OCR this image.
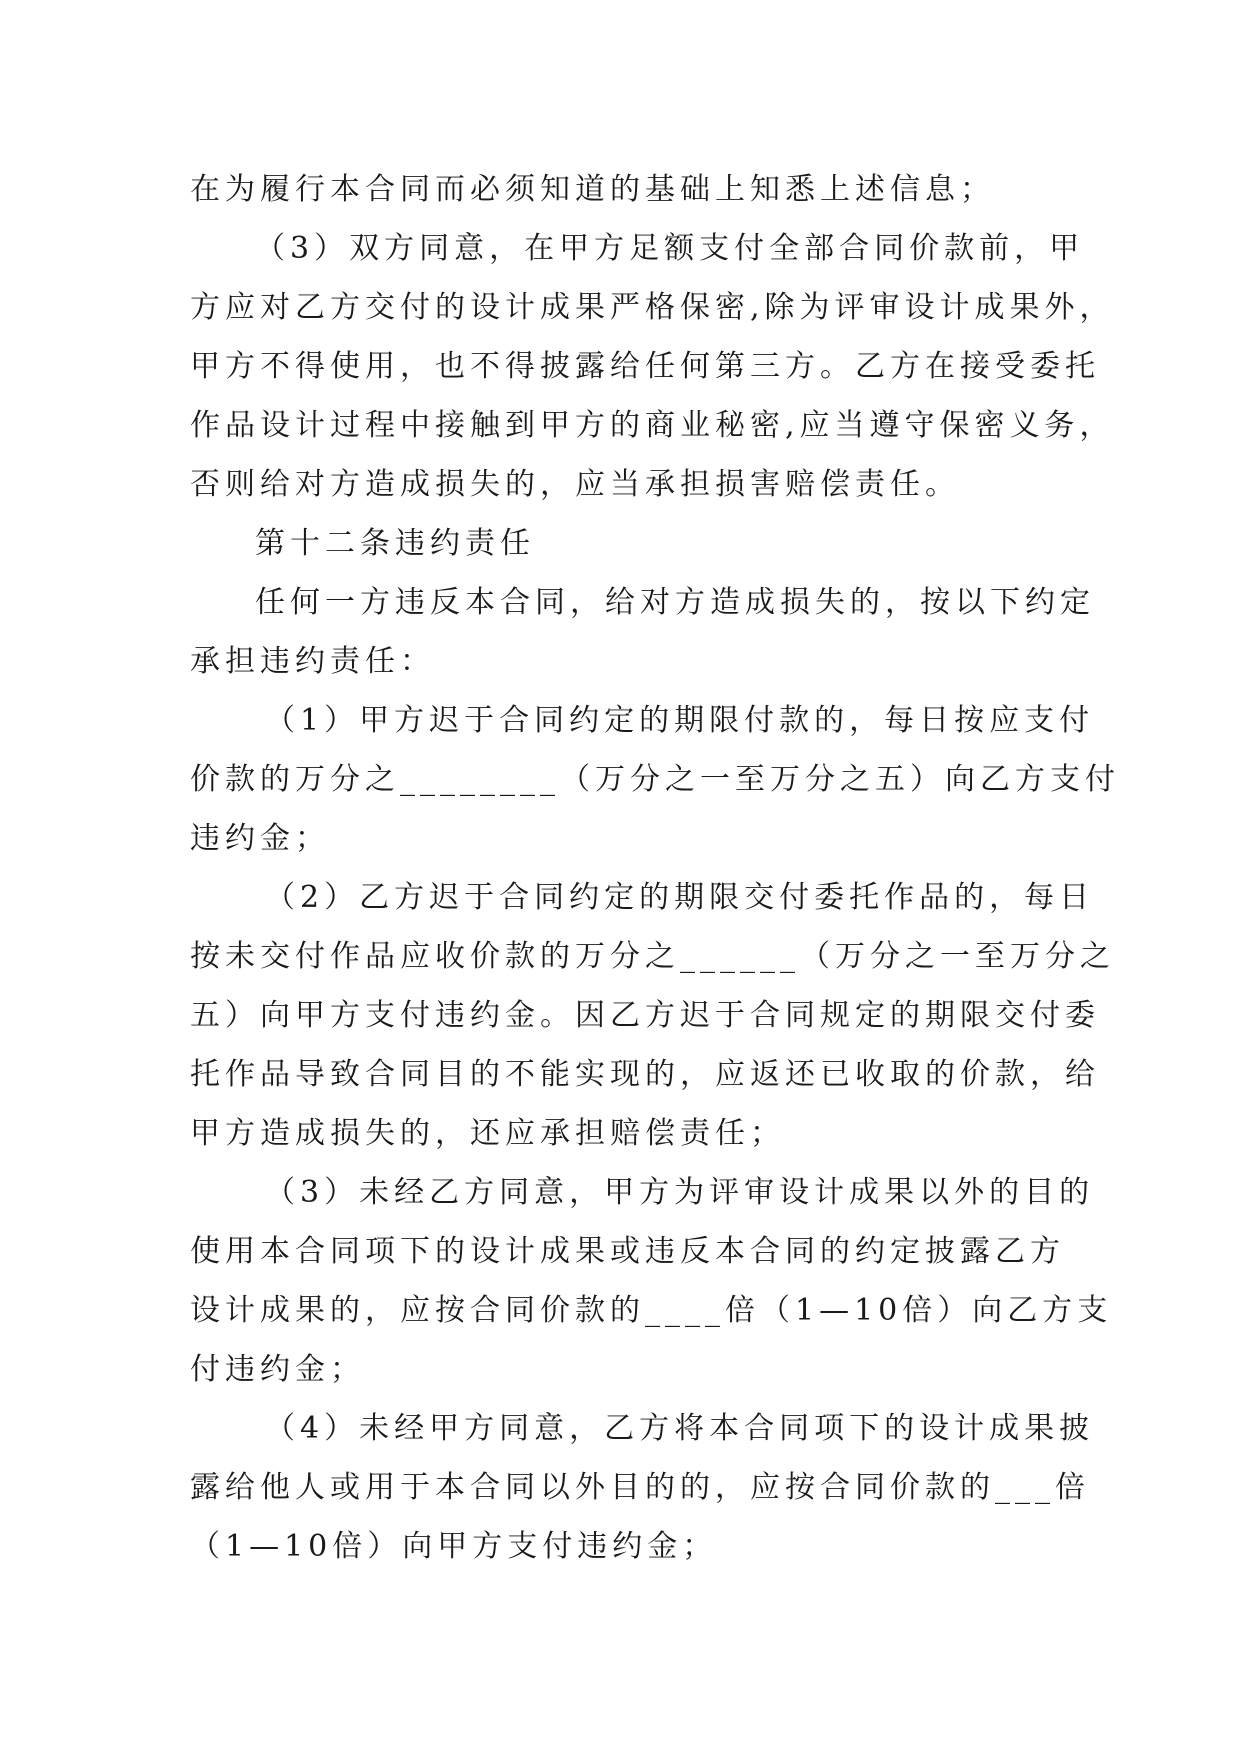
在为履行本合同而必须知道的基础上知悉上述信息；
（3）双方同意，在甲方足额支付全部合同价款前，甲
方应对乙方交付的设计成果严格保密,除为评审设计成果外，
甲方不得使用，也不得披露给任何第三方。乙方在接受委托
作品设计过程中接触到甲方的商业秘密,应当遵守保密义务，
否则给对方造成损失的，应当承担损害赔偿责任。
第十二条违约责任
任何一方违反本合同，给对方造成损失的，按以下约定
承担违约责任：
（1）甲方迟于合同约定的期限付款的，每日按应支付
价款的万分之________（万分之一至万分之五）向乙方支付
违约金；
（2）乙方迟于合同约定的期限交付委托作品的，每日
按未交付作品应收价款的万分之______（万分之一至万分之
五）向甲方支付违约金。因乙方迟于合同规定的期限交付委
托作品导致合同目的不能实现的，应返还已收取的价款，给
甲方造成损失的，还应承担赔偿责任；
（3）未经乙方同意，甲方为评审设计成果以外的目的
使用本合同项下的设计成果或违反本合同的约定披露乙方
设计成果的，应按合同价款的____倍（1—10倍）向乙方支
付违约金；
（4）未经甲方同意，乙方将本合同项下的设计成果披
露给他人或用于本合同以外目的的，应按合同价款的___倍
（1—10倍）向甲方支付违约金；
